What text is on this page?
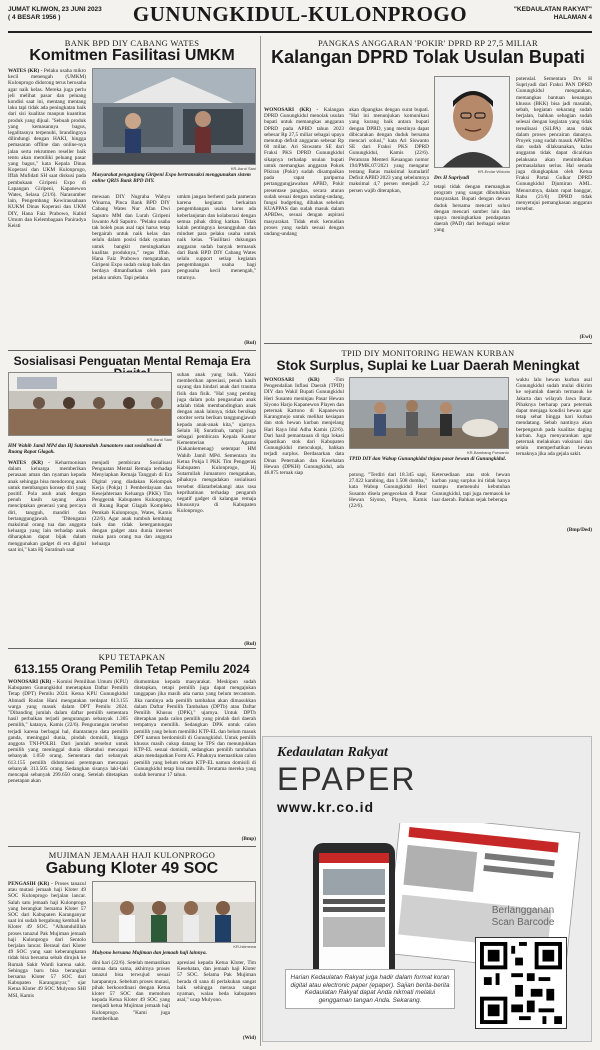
JUMAT KLIWON, 23 JUNI 2023
( 4 BESAR 1956 )	GUNUNGKIDUL-KULONPROGO	"KEDAULATAN RAKYAT"
HALAMAN 4
BANK BPD DIY CABANG WATES
Komitmen Fasilitasi UMKM
WATES (KR) - Pelaku usaha mikro kecil menengah (UMKM) Kulonprogo didorong terus berusaha agar naik kelas. Mereka juga perlu jeli melihat pasar dan peluang kondisi saat ini, mentang mentang laku tapi tidak ada peningkatan baik dari sisi kualitas maupun kuantitas produk yang dijual. "Sebuah produk yang kemasannya bagus, legalitasnya terpenuhi, brandingnya dilindungi dengan HAKI, hingga pemasaran offline dan online-nya jalan serta rekrutmen reseller baik tentu akan memiliki peluang pasar yang bagus," kata Kepala Dinas Koperasi dan UKM Kulonprogo, Iffah Mufidati SH saat diskusi pada pembukaan Giripeni Expo di Lapangan Giripeni, Kapanewon Wates, Selasa (21/6). Narasumber lain, Pengembang Kewirausahaan KUKM Dinas Koperasi dan UKM DIY, Hana Faiz Prabowo, Kabid Umum dan Kelembagaan Paniradya Keisti
KR-Asrul Sani
Masyarakat pengunjung Giripeni Expo bertransaksi menggunakan sistem online QRIS Bank BPD DIY.
mewaan DIY Nugraha Wahyu Winarna, Pinca Bank BPD DIY Cabang Wates Nur Afan Dwi Saputro MM dan Lurah Giripeni Iswanto Adi Saputro. "Pelaku usaha tak boleh puas asal tapi harus tetap bergairah untuk naik kelas dan selalu dalam posisi tidak nyaman untuk bangkit meningkatkan kualitas produknya," tegas Iffah. Hana Faiz Prabowo mengatakan, Giripeni Expo sudah cukup baik dan berdaya dimanfaatkan oleh para pelaku umkm. Tapi pelaku
umkm jangan berhenti pada pameran karena kegiatan berkaitan pengembangan usaha harus ada keberlanjutan dan kolaborasi dengan semua pihak diting katkan. Tidak kalah pentingnya kesungguhan dan mindset para pelaku usaha untuk naik kelas. "Fasilitasi dukungan anggaran sudah banyak termasuk dari Bank BPD DIY Cabang Wates selalu support setiap kegiatan pengembangan usaha bagi pengusaha kecil menengah," tuturnya.
(Rul)
PANGKAS ANGGARAN 'POKIR' DPRD RP 27,5 MILIAR
Kalangan DPRD Tolak Usulan Bupati
WONOSARI (KR) - Kalangan DPRD Gunungkidul menolak usulan bupati untuk memangkas anggaran DPRD pada APBD tahun 2023 sebesar Rp 27,5 miliar sebagai upaya menutup defisit anggaran sebesar Rp 60 miliar. Ari Siswanto SE dari Fraksi PKS DPRD Gunungkidul sikapnya terhadap usulan bupati untuk memangkas anggaran Pokok Pikiran (Pokir) sudah disampaikan pada rapat paripurna pertanggungjawaban APBD, Pokir presentase pangkas, secara aturan sudah sesuai dengan undang-undang, fungsi budgeting, dibahas sebelum KUAPPAS dan sudah masuk dalam APBDes, sesuai dengan aspirasi masyarakat. Tidak etok kemudian proses yang sudah sesuai dengan undang-undang
akan dipangkas dengan surat bupati. "Hal ini menunjukan komunikasi yang kurang baik antara bupati dengan DPRD, yang mestinya dapat dibicarakan dengan duduk bersama mencari solusi," kata Ari Siswanto SE dari Fraksi PKS DPRD Gunungkidul, Kamis (22/6). Peraturan Menteri Keuangan nomor 194/PMK.07/2021 yang mengatur tentang Batas maksimal kumulatif Defisit APBD 2023 yang sebelumnya maksimal 4,7 persen menjadi 2,2 persen wajib diterapkan,
KR-Endar Widodo
Drs H Supriyadi
tetapi tidak dengan memangkas program yang sangat dibutuhkan masyarakat. Bupati dengan dewan duduk bersama mencari solusi dengan mencari sumber lain dan upaya meningkatkan pendapatan daerah (PAD) dari berbagai sektor yang
potensial. Sementara Drs H Supriyadi dari Fraksi PAN DPRD Gunungkidul mengatakan, memangkas bantuan keuangan khusus (BKK) bisa jadi masalah, sebab, kegiatan sekarang sudah berjalan, bahkan sebagian sudah selesai dengan kegiatan yang tidak terealisasi (SiLPA) atau tidak dalam proses pencairan dananya. Proyek yang sudah masuk APBDes dan sudah dilaksanakan, kalau anggaran tidak dapat dicairkan pelaksana akan menimbulkan permasalahan serius. Hal senada juga diungkapkan oleh Ketua Fraksi Partai Golkar DPRD Gunungkidul Djumiran AML. Menurutnya, dalam rapat banggar, Rabu (21/6) DPRD tidak menyetujui pemangkasan anggaran tersebut.
(Ewi)
Sosialisasi Penguatan Mental Remaja Era
KR-Asrul Sani
HM Wahib Jamil MPd dan Hj Sutarmilah Jumantoro saat sosialisasi di Ruang Rapat Glagah.
WATES (KR) - Keharmonisan dalam keluarga memberikan perasaan aman dan nyaman kepada anak sehingga bisa mendorong anak untuk membangun konsep diri yang positif. Pola asuh anak dengan penuh kasih sayang akan menciptakan generasi yang percaya diri, tangguh, mandiri dan bertanggungjawab. "Ditengarai maksimal orang tua dan anggota keluarga yang lain terhadap anak diharapkan dapat bijak dalam menggunakan gadget di era digital saat ini," kata Hj Suratinah saat
menjadi pembicara Sosialisasi Penguatan Mental Remaja terhadap Menyiapkan Remaja Tangguh di Era Digital yang diadakan Kelompok Kerja (Pokja) 1 Pemberdayaan dan Kesejahteraan Keluarga (PKK) Tim Penggerak Kabupaten Kulonprogo, di Ruang Rapat Glagah Kompleks Pemkab Kulonprogo, Wates, Kamis (22/6). Agar anak tumbuh kembang baik dan tidak ketergantungan dengan gadget atau dunia internet maka para orang tua dan anggota keluarga
suhan anak yang baik. Yakni memberikan apresiasi, penuh kasih sayang dan hindari anak dari trauma fisik dan fisik. "Hal yang penting juga dalam pola pengasuhan anak adalah tidak membandingkan anak dengan anak lainnya, tidak bersikap otoriter serta berikan tanggungjawab kepada anak-anak kita," ujarnya. Selain Hj Suratinah, tampil juga sebagai pembicara Kepala Kantor Kementerian Agama (Kakankemenag) setempat HM Wahib Jamil MPd. Sementara itu Ketua Pokja I PKK Tim Penggerak Kabupaten Kulonprogo, Hj Sutarmilah Jumantoro mengatakan, pihaknya mengadakan sosialisasi tersebut dilatarbelakangi atas rasa keprihatinan terhadap pengaruh negatif gadget di kalangan remaja khususnya di Kabupaten Kulonprogo.
(Rul)
TPID DIY MONITORING HEWAN KURBAN
Stok Surplus, Suplai ke Luar Daerah Meningkat
WONOSARI (KR) -Tim Pengendalian Inflasi Daerah (TPID) DIY dan Wakil Bupati Gunungkidul Heri Susanto meninjau Pasar Hewan Siyono Harjo Kapanewon Playen dan peternak Kartono di Kapanewon Karangmojo untuk melihat kesiapan dan stok hewan kurban menjelang Hari Raya Idul Adha Kamis (22/6). Dari hasil pemantauan di tiga lokasi dipastikan stok dari Kabupaten Gunungkidul mencukupi, bahkan terjadi surplus. Berdasarkan data Dinas Peternakan dan Kesehatan Hewan (DPKH) Gunungkidul, ada 46.875 ternak siap
KR-Bambang Purwanto
TPID DIY dan Wabup Gunungkidul tinjau pasar hewan di Gunungkidul.
potong. "Terdiri dari 18.345 sapi, 27.022 kambing, dan 1.508 domba," kata Wabup Gunungkidul Heri Susanto disela pengecekan di Pasar Hewan Siyono, Playen, Kamis (22/6).
Ketersediaan atas stok hewan kurban yang surplus ini tidak hanya mampu memenuhi kebutuhan Gunungkidul, tapi juga memasok ke luar daerah. Bahkan sejak beberapa
waktu lalu hewan kurban asal Gunungkidul sudah mulai dikirim ke sejumlah daerah termasuk ke Jakarta dan wilayah Jawa Barat. Pihaknya berharap para peternak dapat menjaga kondisi hewan agar tetap sehat hingga hari kurban mendatang. Sebab nantinya akan berpengaruh pada kualitas daging kurban. Juga menyarankan agar peternak melakukan vaksinasi dan selalu memperhatikan hewan ternaknya jika ada gejala sakit.
(Bmp/Ded)
KPU TETAPKAN
613.155 Orang Pemilih Tetap Pemilu 2024
WONOSARI (KR) - Komisi Pemilihan Umum (KPU) Kabupaten Gunungkidul menetapkan Daftar Pemilih Tetap (DPT) Pemilu 2024. Ketua KPU Gunungkidul Ahmadi Ruslan Hani mengatakan terdapat 613.155 warga yang masuk dalam DPT Pemilu 2024. "Dibanding jumlah dalam daftar pemilih sementara hasil perbaikan terjadi pengurangan sebanyak 1.305 pemilih," katanya, Kamis (22/6). Pengurangan tersebut terjadi karena berbagai hal, diantaranya data pemilih ganda, meninggal dunia, pindah domisili, hingga anggota TNI-POLRI. Dari jumlah tersebut untuk pemilih yang meninggal dunia diketahui mencapai sebanyak 1.050 orang. Sementara dari sebanyak 613.155 pemilih didominasi perempuan mencapai sebanyak 313.505 orang. Sedangkan sisanya laki-laki mencapai sebanyak 299.650 orang. Setelah ditetapkan penetapan akan
diumumkan kepada masyarakat. Meskipun sudah ditetapkan, tetapi pemilih juga dapat mengajukan tanggapan jika masih ada nama yang belum tercantum. Jika nantinya ada pemilih tambahan akan dimasukkan dalam Daftar Pemilih Tambahan (DPTb) atau Daftar Pemilih Khusus (DPK)," ujarnya. Untuk DPTb diterapkan pada calon pemilih yang pindah dari daerah tempatnya memilih. Sedangkan DPK untuk calon pemilih yang belum memiliki KTP-EL dan belum masuk DPT namun berdomisili di Gunungkidul. Untuk pemilih khusus masih cukup datang ke TPS dan menunjukkan KTP-EL sesuai domisili, sedangkan pemilih tambahan akan mendapatkan Form A5. Pihaknya memastikan calon pemilih yang belum rekam KTP-EL namun domisili di Gunungkidul tetap bisa memilih. Terutama mereka yang sudah berumur 17 tahun.
(Bmp)
MUJIMAN JEMAAH HAJI KULONPROGO
Gabung Kloter 49 SOC
PENGASIH (KR) - Proses tanazul atau mutasi jemaah haji Kloter 49 SOC Kulonprogo berjalan lancar. Salah satu jemaah haji Kulonprogo yang berangkat bersama Kloter 57 SOC dari Kabupaten Karanganyar saat ini sudah bergabung kembali ke Kloter 49 SOC. "Alhamdulillah proses tanazul Pak Mujiman jemaah haji Kulonprogo dari Sentolo berjalan lancar. Berasal dari Kloter 49 SOC yang saat keberangkatan tidak bisa bersama sebab dirujuk ke Rumah Sakit Wardi karena sakit. Sehingga baru bisa berangkat bersama Kloter 57 SOC dari Kabupaten Karanganyar," ujar Ketua Kloter 49 SOC Mulyono SHI MSI, Kamis
KR-Istimewa
Mulyono bersama Mujiman dan jemaah haji lainnya.
dini hari (22/6). Setelah memastikan semua data sama, akhirnya proses tanazul bisa terwujud sesuai harapannya. Sebelum proses mutasi, pihak berkoordinasi dengan Ketua kloter 57 SOC dan memohon kepada Ketua Kloter 49 SOC yang menjadi ketua Mujiman jemaah haji Kulonprogo. "Kami juga memberikan
apresiasi kepada Ketua Kloter, Tim Kesehatan, dan jemaah haji Kloter 57 SOC. Selama Pak Mujiman berada di sana di perlakukan sangat baik sehingga merasa sangat nyaman, walau beda kabupaten asal," ucap Mulyono.
(Wid)
Kedaulatan Rakyat
EPAPER
www.kr.co.id
Harian Kedaulatan Rakyat juga hadir dalam format koran digital atau electronic paper (epaper). Sajian berita-berita Kedaulatan Rakyat dapat Anda nikmati melalui genggaman tangan Anda. Sekarang.
Berlangganan
Scan Barcode
